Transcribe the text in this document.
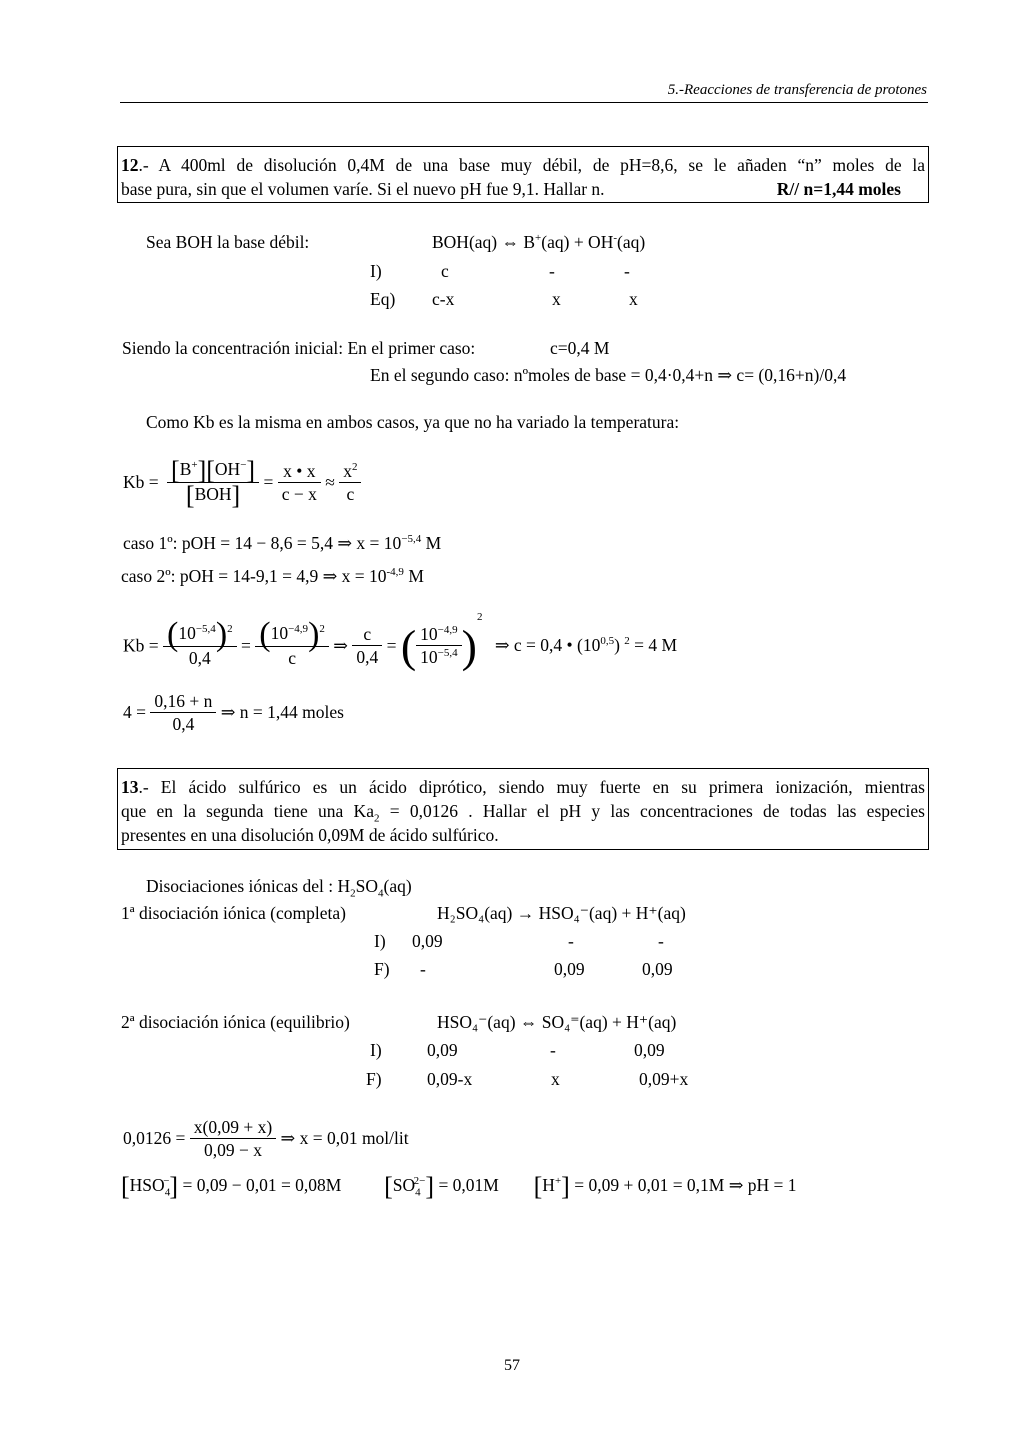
5.-Reacciones de transferencia de protones
12.- A 400ml de disolución 0,4M de una base muy débil, de pH=8,6, se le añaden “n” moles de la
base pura, sin que el volumen varíe. Si el nuevo pH fue 9,1. Hallar n.	R// n=1,44 moles
Sea BOH la base débil:	BOH(aq) ⇔ B+(aq) + OH-(aq)
I)	c	-	-
Eq) c-x	x	x
Siendo la concentración inicial: En el primer caso:	c=0,4 M
En el segundo caso: nºmoles de base = 0,4·0,4+n ⇒ c= (0,16+n)/0,4
Como Kb es la misma en ambos casos, ya que no ha variado la temperatura:
$Kb = \frac{[B^+][OH^-]}{\text{[BOH]}} = \frac{x • x}{c - x} \approx \frac{x^2}{c}$
caso 1º: pOH = 14 − 8,6 = 5,4 ⇒ $x = 10^{-5,4}$ M
caso 2º: pOH = 14-9,1 = 4,9 ⇒ $x = 10^{-4,9}$ M
$Kb = \frac{(10^{-5,4})^2}{0,4} = \frac{(10^{-4,9})^2}{c}$ ⇒ $\frac{c}{0,4}$ = ( $\frac{10^{-4,9}}{10^{-5,4}} )^2$ ⇒ c = 0,4 • (10$^{0,5}$) $^2$ = 4 M
$4 = \frac{0,16 + n}{0,4}$ ⇒ n = 1,44 moles
13.- El ácido sulfúrico es un ácido diprótico, siendo muy fuerte en su primera ionización, mientras
que en la segunda tiene una $Ka_2 = 0,0126$ . Hallar el pH y las concentraciones de todas las especies
presentes en una disolución 0,09M de ácido sulfúrico.
Disociaciones iónicas del : $H_2SO_4(aq)$
1ª disociación iónica (completa)	H₂SO₄(aq) → HSO₄⁻(aq) + H⁺(aq)
I) 0,09	-	-
F) -	0,09	0,09
2ª disociación iónica (equilibrio)	HSO₄⁻(aq) ⇔ SO₄⁼(aq) + H⁺(aq)
I)	0,09	-	0,09
F)	0,09-x	x	0,09+x
$0,0126 = \frac{x(0,09 + x)}{0,09 - x}$ ⇒ x = 0,01 mol/lit
$[HSO_4^-] = 0,09 - 0,01 = 0,08M$ $[SO_4^{2-}] = 0,01M$ [H+] = 0,09 + 0,01 = 0,1M ⇒ pH = 1
57
